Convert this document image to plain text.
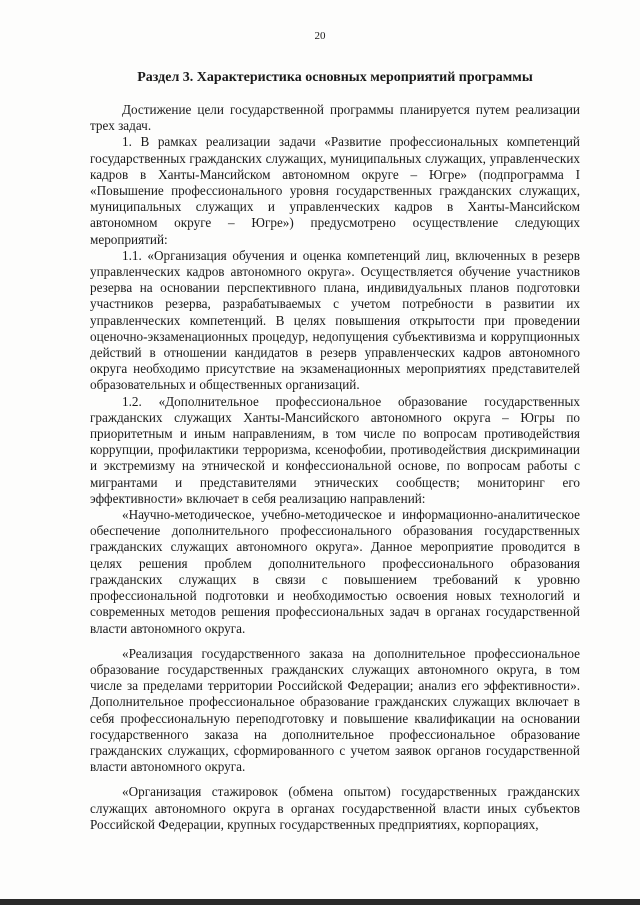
20
Раздел 3. Характеристика основных мероприятий программы

Достижение цели государственной программы планируется путем реализации трех задач.

1. В рамках реализации задачи «Развитие профессиональных компетенций государственных гражданских служащих, муниципальных служащих, управленческих кадров в Ханты-Мансийском автономном округе – Югре» (подпрограмма I «Повышение профессионального уровня государственных гражданских служащих, муниципальных служащих и управленческих кадров в Ханты-Мансийском автономном округе – Югре») предусмотрено осуществление следующих мероприятий:

1.1. «Организация обучения и оценка компетенций лиц, включенных в резерв управленческих кадров автономного округа». Осуществляется обучение участников резерва на основании перспективного плана, индивидуальных планов подготовки участников резерва, разрабатываемых с учетом потребности в развитии их управленческих компетенций. В целях повышения открытости при проведении оценочно-экзаменационных процедур, недопущения субъективизма и коррупционных действий в отношении кандидатов в резерв управленческих кадров автономного округа необходимо присутствие на экзаменационных мероприятиях представителей образовательных и общественных организаций.

1.2. «Дополнительное профессиональное образование государственных гражданских служащих Ханты-Мансийского автономного округа – Югры по приоритетным и иным направлениям, в том числе по вопросам противодействия коррупции, профилактики терроризма, ксенофобии, противодействия дискриминации и экстремизму на этнической и конфессиональной основе, по вопросам работы с мигрантами и представителями этнических сообществ; мониторинг его эффективности» включает в себя реализацию направлений:

«Научно-методическое, учебно-методическое и информационно-аналитическое обеспечение дополнительного профессионального образования государственных гражданских служащих автономного округа». Данное мероприятие проводится в целях решения проблем дополнительного профессионального образования гражданских служащих в связи с повышением требований к уровню профессиональной подготовки и необходимостью освоения новых технологий и современных методов решения профессиональных задач в органах государственной власти автономного округа.

«Реализация государственного заказа на дополнительное профессиональное образование государственных гражданских служащих автономного округа, в том числе за пределами территории Российской Федерации; анализ его эффективности». Дополнительное профессиональное образование гражданских служащих включает в себя профессиональную переподготовку и повышение квалификации на основании государственного заказа на дополнительное профессиональное образование гражданских служащих, сформированного с учетом заявок органов государственной власти автономного округа.

«Организация стажировок (обмена опытом) государственных гражданских служащих автономного округа в органах государственной власти иных субъектов Российской Федерации, крупных государственных предприятиях, корпорациях,
